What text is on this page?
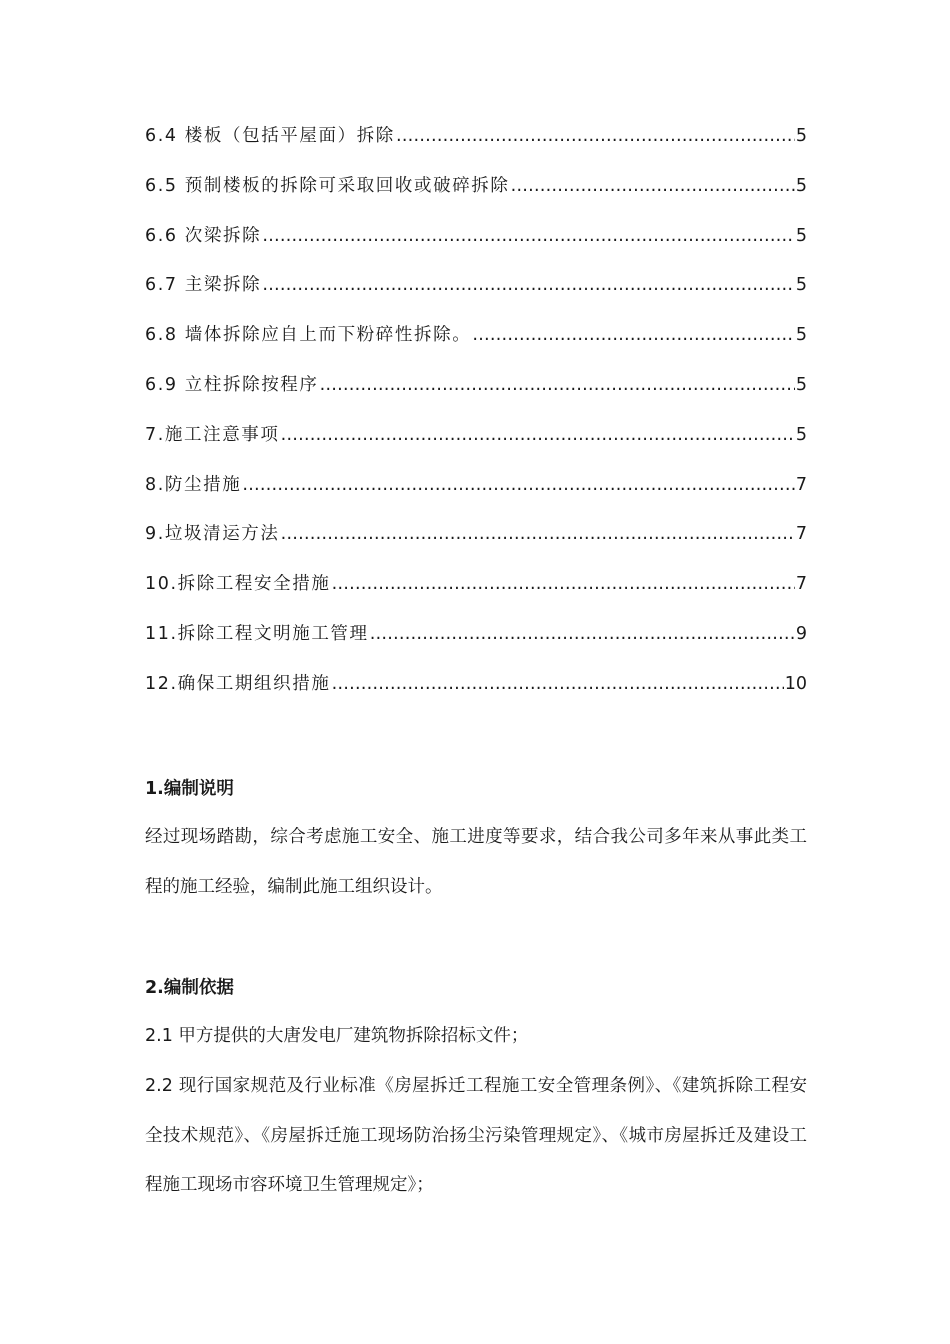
6.4 楼板（包括平屋面）拆除 ……………………………………………………………………………………………………………………………………………………………………	5
6.5 预制楼板的拆除可采取回收或破碎拆除 ……………………………………………………………………………………………………………………………………………………………………	5
6.6 次梁拆除 ……………………………………………………………………………………………………………………………………………………………………	5
6.7 主梁拆除 ……………………………………………………………………………………………………………………………………………………………………	5
6.8 墙体拆除应自上而下粉碎性拆除。 ……………………………………………………………………………………………………………………………………………………………………	5
6.9 立柱拆除按程序 ……………………………………………………………………………………………………………………………………………………………………	5
7.施工注意事项 ……………………………………………………………………………………………………………………………………………………………………	5
8.防尘措施 ……………………………………………………………………………………………………………………………………………………………………	7
9.垃圾清运方法 ……………………………………………………………………………………………………………………………………………………………………	7
10.拆除工程安全措施 ……………………………………………………………………………………………………………………………………………………………………	7
11.拆除工程文明施工管理 ……………………………………………………………………………………………………………………………………………………………………	9
12.确保工期组织措施 ……………………………………………………………………………………………………………………………………………………………………	10

1.编制说明

经过现场踏勘，综合考虑施工安全、施工进度等要求，结合我公司多年来从事此类工程的施工经验，编制此施工组织设计。

2.编制依据

2.1 甲方提供的大唐发电厂建筑物拆除招标文件；

2.2 现行国家规范及行业标准《房屋拆迁工程施工安全管理条例》、《建筑拆除工程安全技术规范》、《房屋拆迁施工现场防治扬尘污染管理规定》、《城市房屋拆迁及建设工程施工现场市容环境卫生管理规定》；
